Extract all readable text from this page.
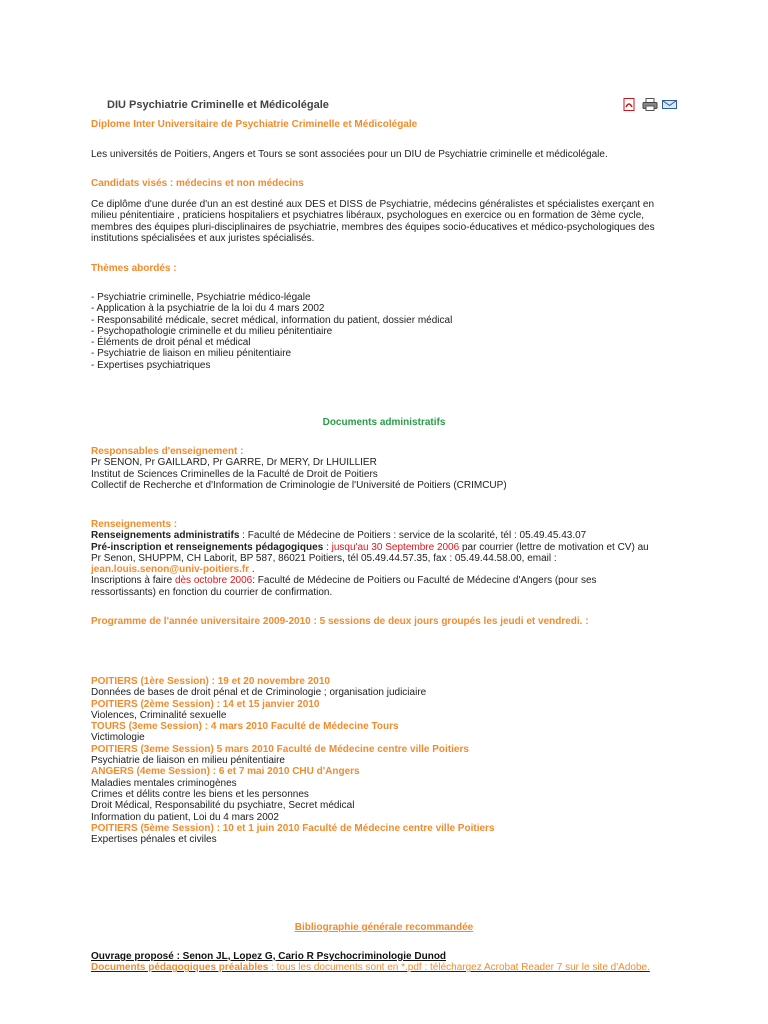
DIU Psychiatrie Criminelle et Médicolégale
Diplome Inter Universitaire de Psychiatrie Criminelle et Médicolégale
Les universités de Poitiers, Angers et Tours se sont associées pour un DIU de Psychiatrie criminelle et médicolégale.
Candidats visés : médecins et non médecins
Ce diplôme d'une durée d'un an est destiné aux DES et DISS de Psychiatrie, médecins généralistes et spécialistes exerçant en milieu pénitentiaire , praticiens hospitaliers et psychiatres libéraux, psychologues en exercice ou en formation de 3ème cycle, membres des équipes pluri-disciplinaires de psychiatrie, membres des équipes socio-éducatives et médico-psychologiques des institutions spécialisées et aux juristes spécialisés.
Thèmes abordés :

- Psychiatrie criminelle, Psychiatrie médico-légale

- Application à la psychiatrie de la loi du 4 mars 2002

- Responsabilité médicale, secret médical, information du patient, dossier médical

- Psychopathologie criminelle et du milieu pénitentiaire

- Éléments de droit pénal et médical

- Psychiatrie de liaison en milieu pénitentiaire

- Expertises psychiatriques

Documents administratifs

Responsables d'enseignement :

Pr SENON, Pr GAILLARD, Pr GARRE, Dr MERY, Dr LHUILLIER

Institut de Sciences Criminelles de la Faculté de Droit de Poitiers

Collectif de Recherche et d'Information de Criminologie de l'Université de Poitiers (CRIMCUP)

Renseignements :

Renseignements administratifs : Faculté de Médecine de Poitiers : service de la scolarité, tél : 05.49.45.43.07

Pré-inscription et renseignements pédagogiques : jusqu'au 30 Septembre 2006 par courrier (lettre de motivation et CV) au Pr Senon, SHUPPM, CH Laborit, BP 587, 86021 Poitiers, tél 05.49.44.57.35, fax : 05.49.44.58.00, email : jean.louis.senon@univ-poitiers.fr .

Inscriptions à faire dès octobre 2006: Faculté de Médecine de Poitiers ou Faculté de Médecine d'Angers (pour ses ressortissants) en fonction du courrier de confirmation.

Programme de l'année universitaire 2009-2010 : 5 sessions de deux jours groupés les jeudi et vendredi. :

POITIERS (1ère Session) : 19 et 20 novembre 2010

Données de bases de droit pénal et de Criminologie ; organisation judiciaire

POITIERS (2ème Session) : 14 et 15 janvier 2010

Violences, Criminalité sexuelle

TOURS (3eme Session) : 4 mars 2010 Faculté de Médecine Tours

Victimologie

POITIERS (3eme Session) 5 mars 2010 Faculté de Médecine centre ville Poitiers

Psychiatrie de liaison en milieu pénitentiaire

ANGERS (4eme Session) : 6 et 7 mai 2010 CHU d'Angers

Maladies mentales criminogènes

Crimes et délits contre les biens et les personnes

Droit Médical, Responsabilité du psychiatre, Secret médical

Information du patient, Loi du 4 mars 2002

POITIERS (5ème Session) : 10 et 1 juin 2010 Faculté de Médecine centre ville Poitiers

Expertises pénales et civiles

Bibliographie générale recommandée

Ouvrage proposé : Senon JL, Lopez G, Cario R Psychocriminologie Dunod

Documents pédagogiques préalables : tous les documents sont en *.pdf : téléchargez Acrobat Reader 7 sur le site d'Adobe.
